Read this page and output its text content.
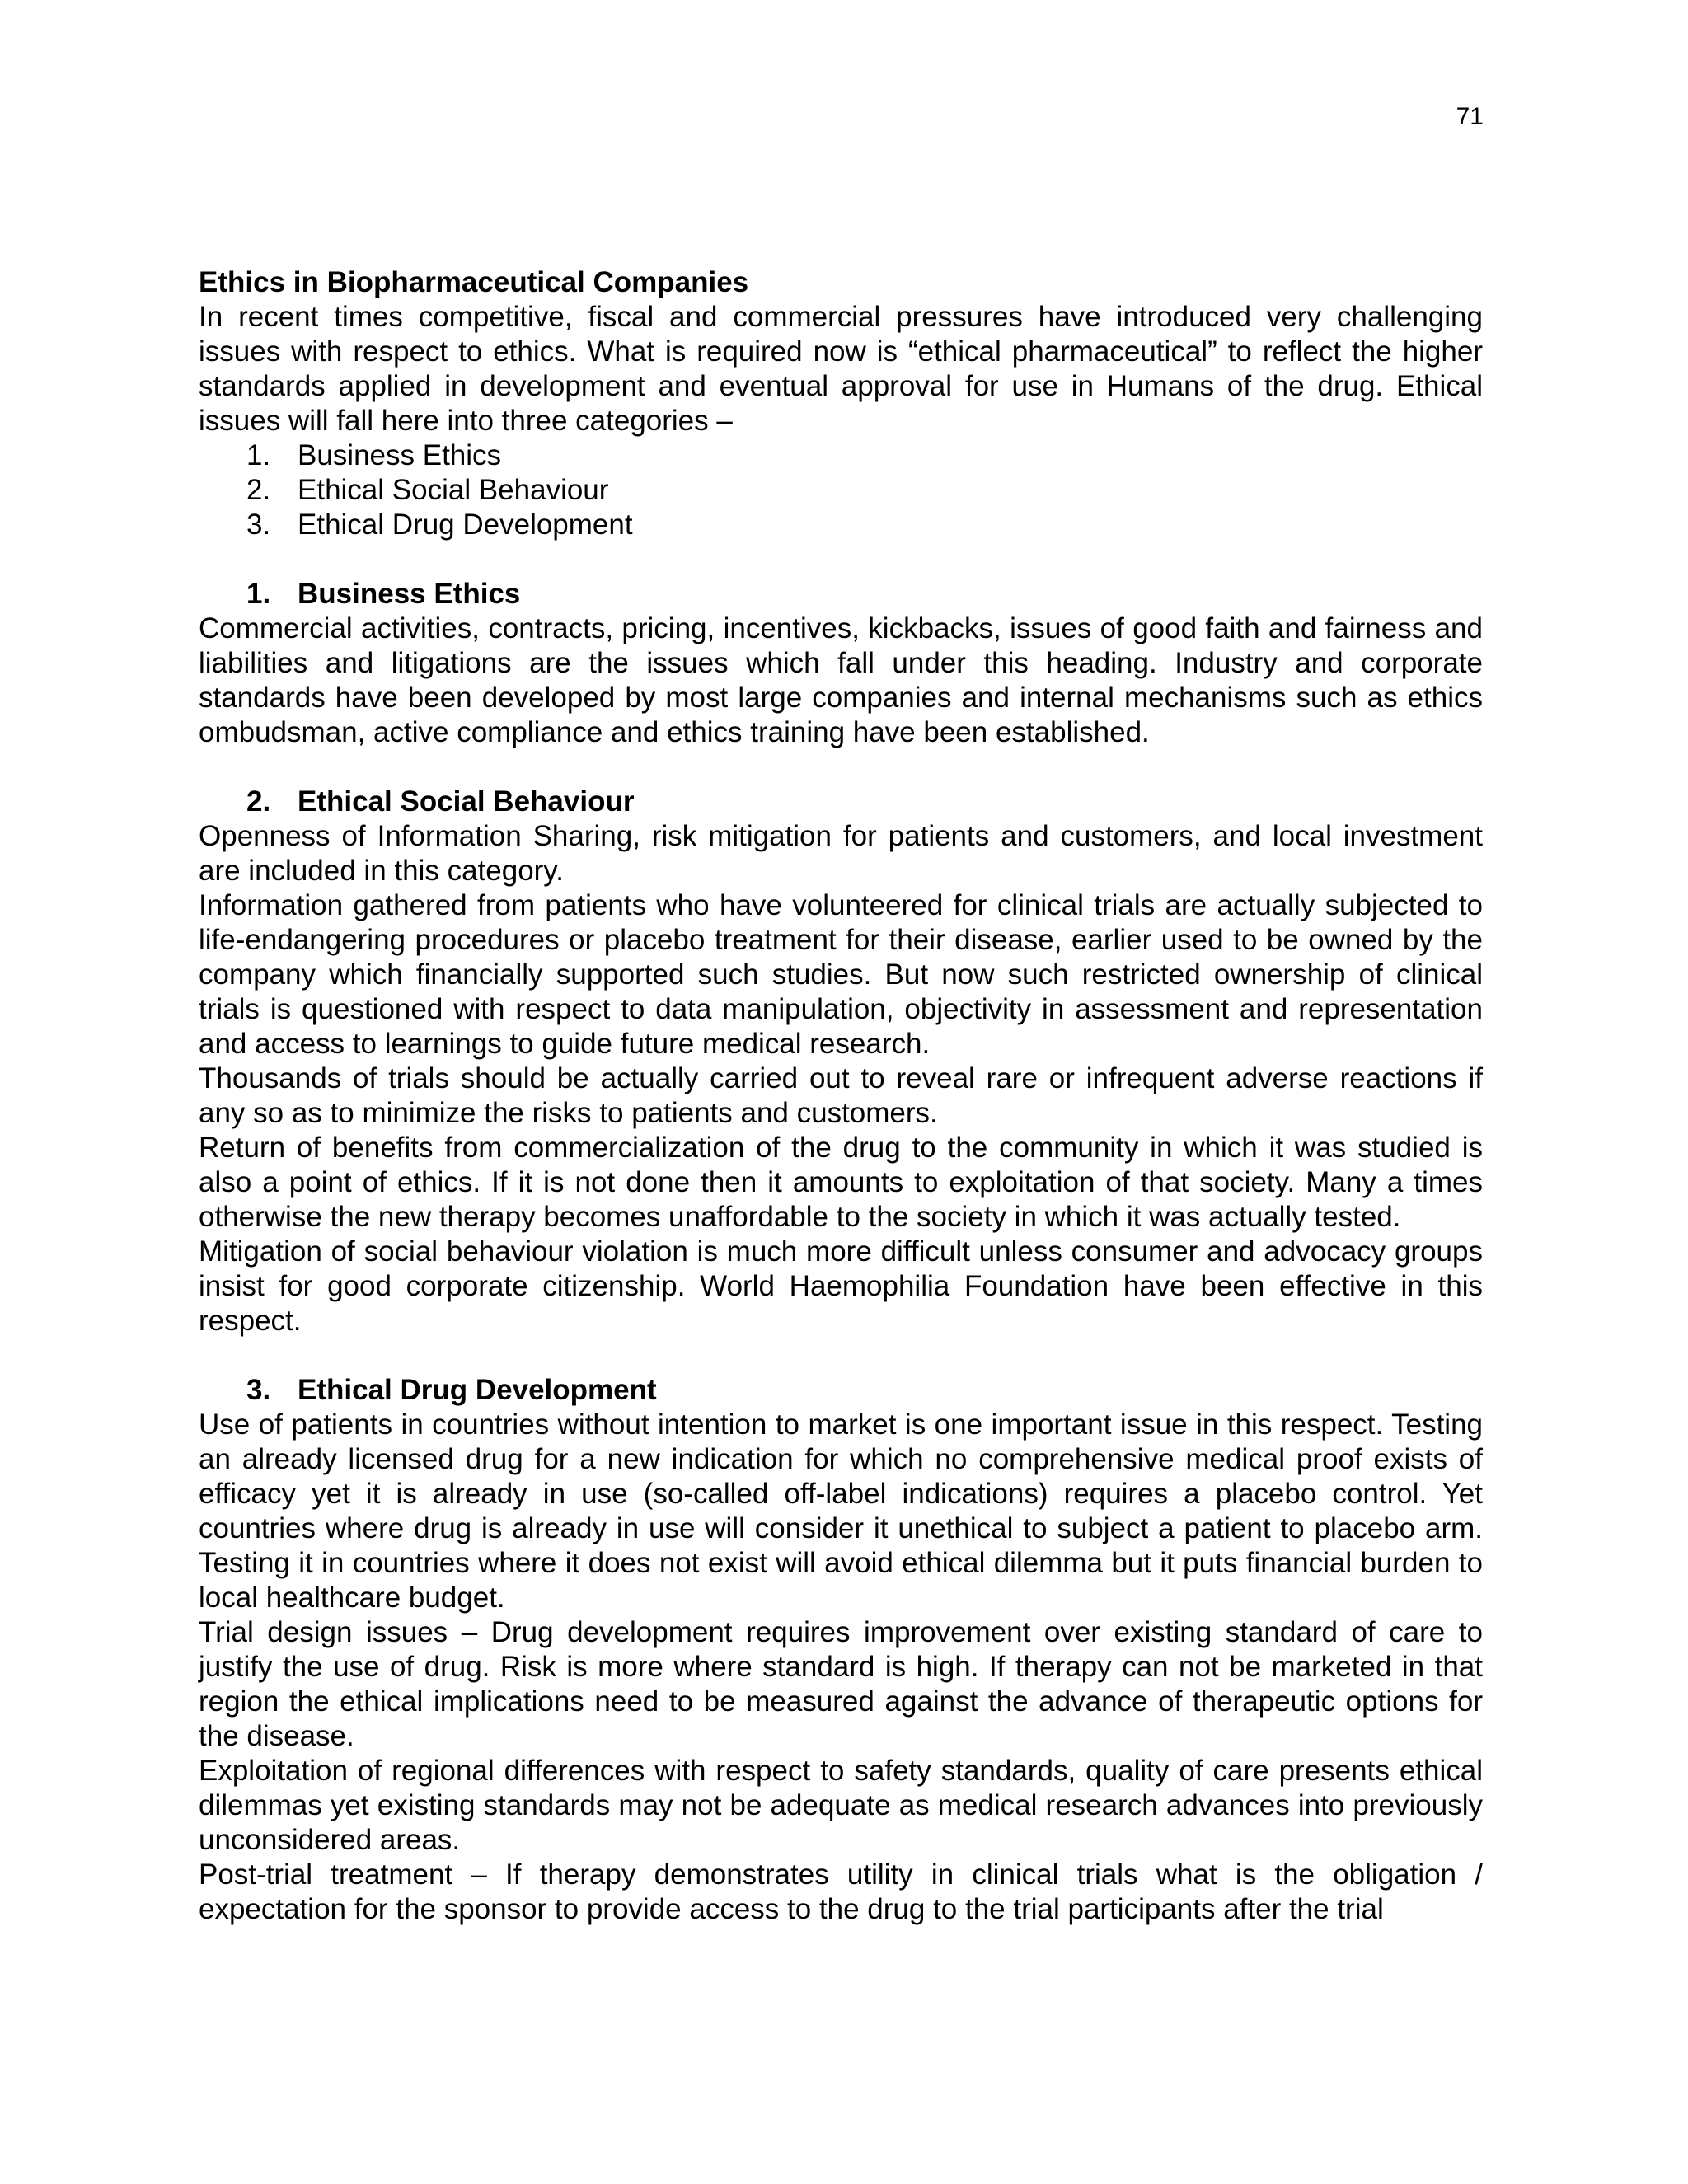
71

Ethics in Biopharmaceutical Companies

In recent times competitive, fiscal and commercial pressures have introduced very challenging issues with respect to ethics. What is required now is “ethical pharmaceutical” to reflect the higher standards applied in development and eventual approval for use in Humans of the drug. Ethical issues will fall here into three categories –

1. Business Ethics
2. Ethical Social Behaviour
3. Ethical Drug Development
1. Business Ethics

Commercial activities, contracts, pricing, incentives, kickbacks, issues of good faith and fairness and liabilities and litigations are the issues which fall under this heading. Industry and corporate standards have been developed by most large companies and internal mechanisms such as ethics ombudsman, active compliance and ethics training have been established.

2. Ethical Social Behaviour

Openness of Information Sharing, risk mitigation for patients and customers, and local investment are included in this category.

Information gathered from patients who have volunteered for clinical trials are actually subjected to life-endangering procedures or placebo treatment for their disease, earlier used to be owned by the company which financially supported such studies. But now such restricted ownership of clinical trials is questioned with respect to data manipulation, objectivity in assessment and representation and access to learnings to guide future medical research.

Thousands of trials should be actually carried out to reveal rare or infrequent adverse reactions if any so as to minimize the risks to patients and customers.

Return of benefits from commercialization of the drug to the community in which it was studied is also a point of ethics. If it is not done then it amounts to exploitation of that society. Many a times otherwise the new therapy becomes unaffordable to the society in which it was actually tested.

Mitigation of social behaviour violation is much more difficult unless consumer and advocacy groups insist for good corporate citizenship. World Haemophilia Foundation have been effective in this respect.

3. Ethical Drug Development

Use of patients in countries without intention to market is one important issue in this respect. Testing an already licensed drug for a new indication for which no comprehensive medical proof exists of efficacy yet it is already in use (so-called off-label indications) requires a placebo control. Yet countries where drug is already in use will consider it unethical to subject a patient to placebo arm. Testing it in countries where it does not exist will avoid ethical dilemma but it puts financial burden to local healthcare budget.

Trial design issues – Drug development requires improvement over existing standard of care to justify the use of drug. Risk is more where standard is high. If therapy can not be marketed in that region the ethical implications need to be measured against the advance of therapeutic options for the disease.

Exploitation of regional differences with respect to safety standards, quality of care presents ethical dilemmas yet existing standards may not be adequate as medical research advances into previously unconsidered areas.

Post-trial treatment – If therapy demonstrates utility in clinical trials what is the obligation / expectation for the sponsor to provide access to the drug to the trial participants after the trial
